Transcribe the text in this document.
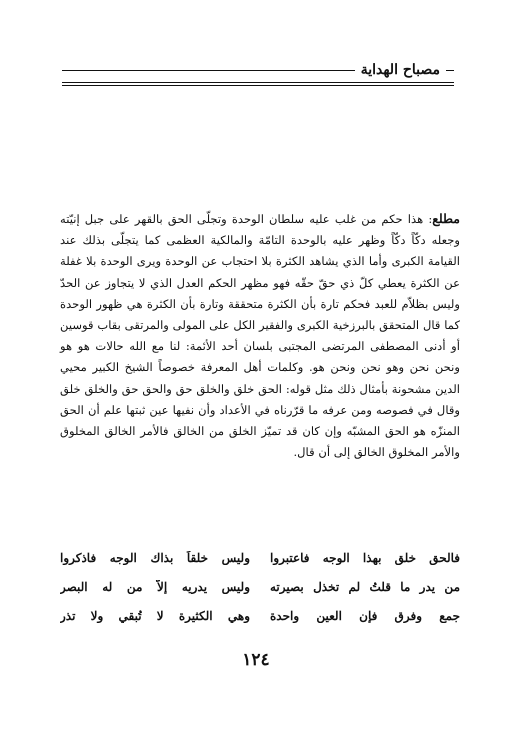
مصباح الهداية

مطلع: هذا حكم من غلب عليه سلطان الوحدة وتجلّى الحق بالقهر على جبل إنيّته وجعله دكّاً دكّاً وظهر عليه بالوحدة التامّة والمالكية العظمى كما يتجلّى بذلك عند القيامة الكبرى وأما الذي يشاهد الكثرة بلا احتجاب عن الوحدة ويرى الوحدة بلا غفلة عن الكثرة يعطي كلّ ذي حقّ حقّه فهو مظهر الحكم العدل الذي لا يتجاوز عن الحدّ وليس بظلاّم للعبد فحكم تارة بأن الكثرة متحققة وتارة بأن الكثرة هي ظهور الوحدة كما قال المتحقق بالبرزخية الكبرى والفقير الكل على المولى والمرتقى بقاب قوسين أو أدنى المصطفى المرتضى المجتبى بلسان أحد الأئمة: لنا مع الله حالات هو هو ونحن نحن وهو نحن ونحن هو. وكلمات أهل المعرفة خصوصاً الشيخ الكبير محيي الدين مشحونة بأمثال ذلك مثل قوله: الحق خلق والخلق حق والحق حق والخلق خلق وقال في فصوصه ومن عرفه ما قرّرناه في الأعداد وأن نفيها عين ثبتها علم أن الحق المنزّه هو الحق المشبّه وإن كان قد تميّز الخلق من الخالق فالأمر الخالق المخلوق والأمر المخلوق الخالق إلى أن قال.

فالحق خلق بهذا الوجه فاعتبروا
وليس خلقاً بذاك الوجه فاذكروا
من يدر ما قلتُ لم تخذل بصيرته
وليس يدريه إلاّ من له البصر
جمع وفرق فإن العين واحدة
وهي الكثيرة لا تُبقي ولا تذر
١٢٤
